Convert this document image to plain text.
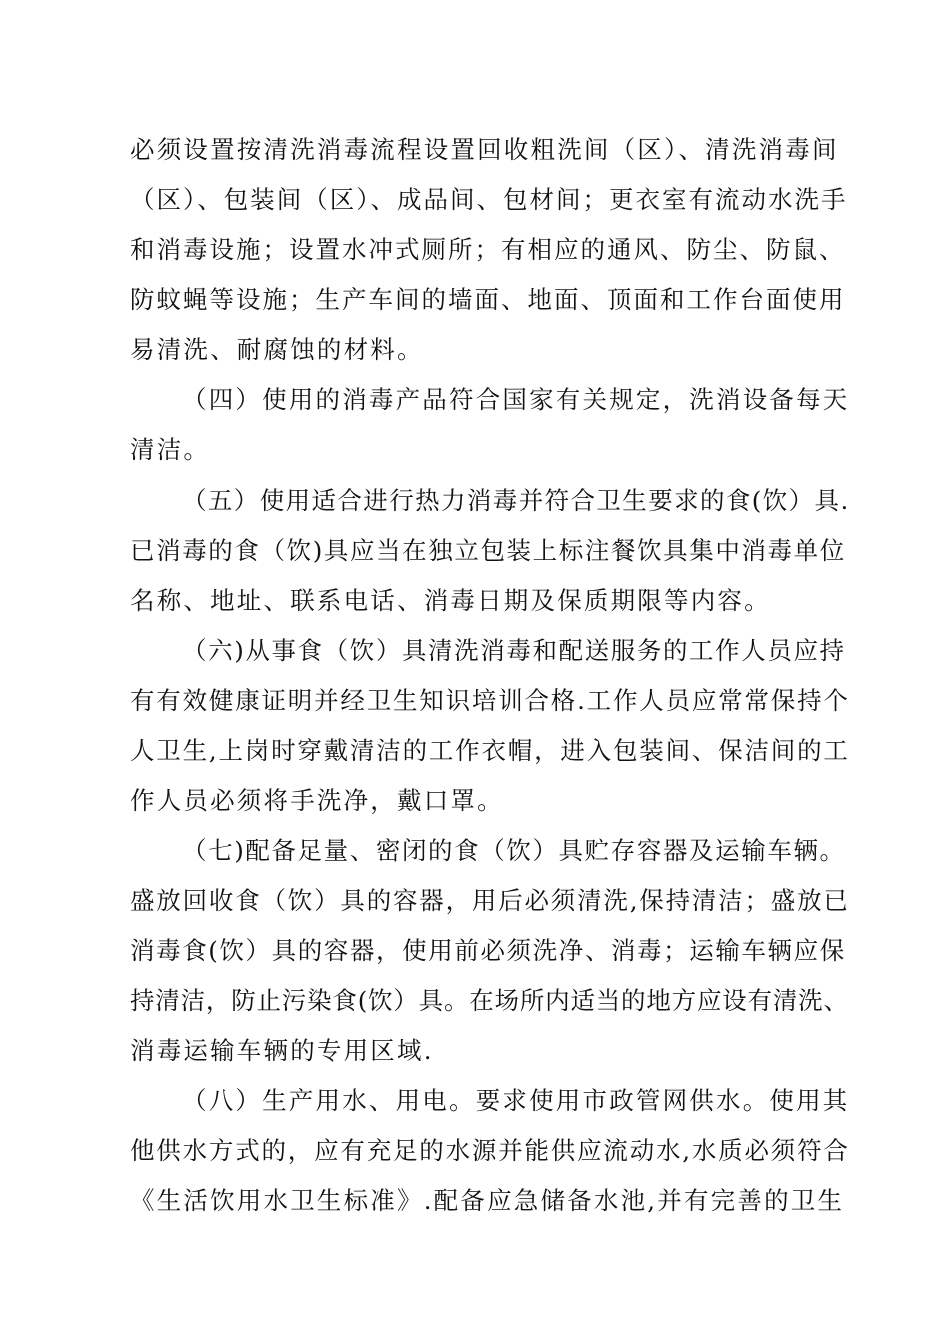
必须设置按清洗消毒流程设置回收粗洗间（区）、清洗消毒间
（区）、包装间（区）、成品间、包材间；更衣室有流动水洗手
和消毒设施；设置水冲式厕所；有相应的通风、防尘、防鼠、
防蚊蝇等设施；生产车间的墙面、地面、顶面和工作台面使用
易清洗、耐腐蚀的材料。
（四）使用的消毒产品符合国家有关规定，洗消设备每天
清洁。
（五）使用适合进行热力消毒并符合卫生要求的食(饮）具.
已消毒的食（饮)具应当在独立包装上标注餐饮具集中消毒单位
名称、地址、联系电话、消毒日期及保质期限等内容。
（六)从事食（饮）具清洗消毒和配送服务的工作人员应持
有有效健康证明并经卫生知识培训合格.工作人员应常常保持个
人卫生,上岗时穿戴清洁的工作衣帽，进入包装间、保洁间的工
作人员必须将手洗净，戴口罩。
（七)配备足量、密闭的食（饮）具贮存容器及运输车辆。
盛放回收食（饮）具的容器，用后必须清洗,保持清洁；盛放已
消毒食(饮）具的容器，使用前必须洗净、消毒；运输车辆应保
持清洁，防止污染食(饮）具。在场所内适当的地方应设有清洗、
消毒运输车辆的专用区域.
（八）生产用水、用电。要求使用市政管网供水。使用其
他供水方式的，应有充足的水源并能供应流动水,水质必须符合
《生活饮用水卫生标准》.配备应急储备水池,并有完善的卫生
